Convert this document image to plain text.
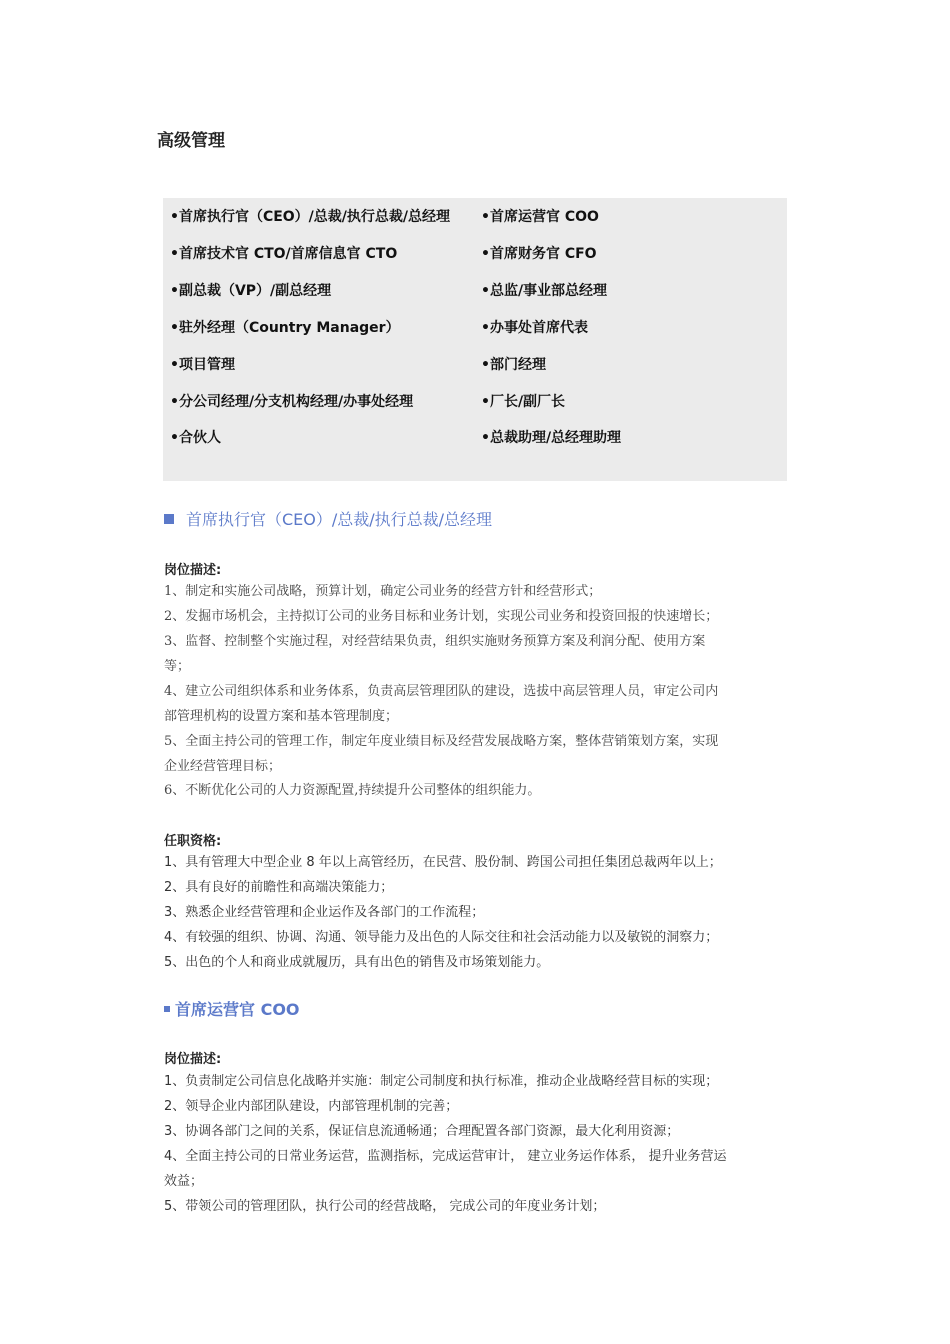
高级管理
•首席执行官（CEO）/总裁/执行总裁/总经理
•首席技术官 CTO/首席信息官 CTO
•副总裁（VP）/副总经理
•驻外经理（Country Manager）
•项目管理
•分公司经理/分支机构经理/办事处经理
•合伙人
•首席运营官 COO
•首席财务官 CFO
•总监/事业部总经理
•办事处首席代表
•部门经理
•厂长/副厂长
•总裁助理/总经理助理
首席执行官（CEO）/总裁/执行总裁/总经理
岗位描述:
1、制定和实施公司战略，预算计划，确定公司业务的经营方针和经营形式；
2、发掘市场机会，主持拟订公司的业务目标和业务计划，实现公司业务和投资回报的快速增长；
3、监督、控制整个实施过程，对经营结果负责，组织实施财务预算方案及利润分配、使用方案
等；
4、建立公司组织体系和业务体系，负责高层管理团队的建设，选拔中高层管理人员，审定公司内
部管理机构的设置方案和基本管理制度；
5、全面主持公司的管理工作，制定年度业绩目标及经营发展战略方案，整体营销策划方案，实现
企业经营管理目标；
6、不断优化公司的人力资源配置,持续提升公司整体的组织能力。
任职资格:
1、具有管理大中型企业 8 年以上高管经历，在民营、股份制、跨国公司担任集团总裁两年以上；
2、具有良好的前瞻性和高端决策能力；
3、熟悉企业经营管理和企业运作及各部门的工作流程；
4、有较强的组织、协调、沟通、领导能力及出色的人际交往和社会活动能力以及敏锐的洞察力；
5、出色的个人和商业成就履历，具有出色的销售及市场策划能力。
首席运营官 COO
岗位描述:
1、负责制定公司信息化战略并实施：制定公司制度和执行标准，推动企业战略经营目标的实现；
2、领导企业内部团队建设，内部管理机制的完善；
3、协调各部门之间的关系，保证信息流通畅通；合理配置各部门资源，最大化利用资源；
4、全面主持公司的日常业务运营，监测指标，完成运营审计， 建立业务运作体系， 提升业务营运
效益；
5、带领公司的管理团队，执行公司的经营战略， 完成公司的年度业务计划；
